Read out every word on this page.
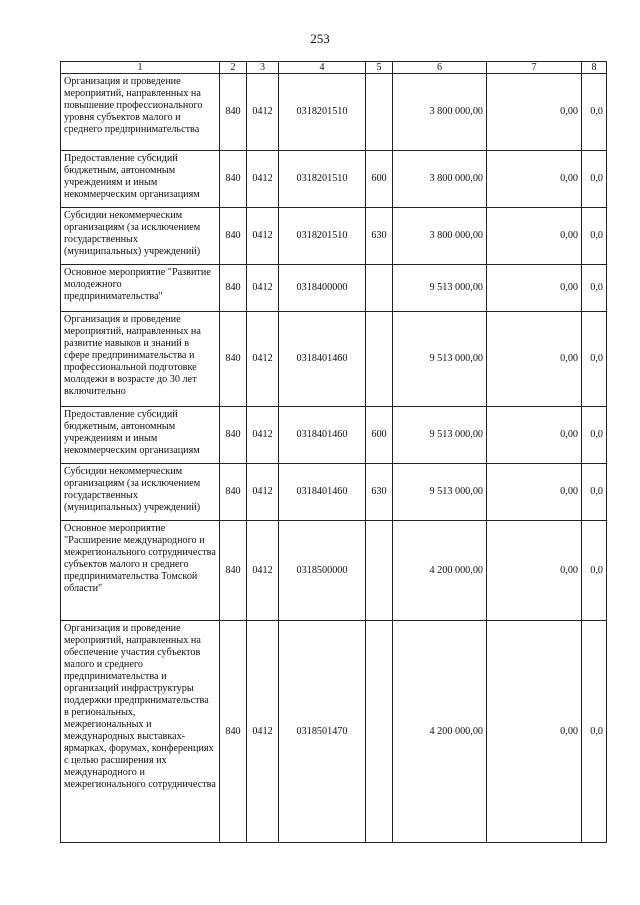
253
1	2	3	4	5	6	7	8
Организация и проведение мероприятий, направленных на повышение профессионального уровня субъектов малого и среднего предпринимательства	840	0412	0318201510		3 800 000,00	0,00	0,0
Предоставление субсидий бюджетным, автономным учреждениям и иным некоммерческим организациям	840	0412	0318201510	600	3 800 000,00	0,00	0,0
Субсидии некоммерческим организациям (за исключением государственных (муниципальных) учреждений)	840	0412	0318201510	630	3 800 000,00	0,00	0,0
Основное мероприятие "Развитие молодежного предпринимательства"	840	0412	0318400000		9 513 000,00	0,00	0,0
Организация и проведение мероприятий, направленных на развитие навыков и знаний в сфере предпринимательства и профессиональной подготовке молодежи в возрасте до 30 лет включительно	840	0412	0318401460		9 513 000,00	0,00	0,0
Предоставление субсидий бюджетным, автономным учреждениям и иным некоммерческим организациям	840	0412	0318401460	600	9 513 000,00	0,00	0,0
Субсидии некоммерческим организациям (за исключением государственных (муниципальных) учреждений)	840	0412	0318401460	630	9 513 000,00	0,00	0,0
Основное мероприятие "Расширение международного и межрегионального сотрудничества субъектов малого и среднего предпринимательства Томской области"	840	0412	0318500000		4 200 000,00	0,00	0,0
Организация и проведение мероприятий, направленных на обеспечение участия субъектов малого и среднего предпринимательства и организаций инфраструктуры поддержки предпринимательства в региональных, межрегиональных и международных выставках-ярмарках, форумах, конференциях с целью расширения их международного и межрегионального сотрудничества	840	0412	0318501470		4 200 000,00	0,00	0,0
